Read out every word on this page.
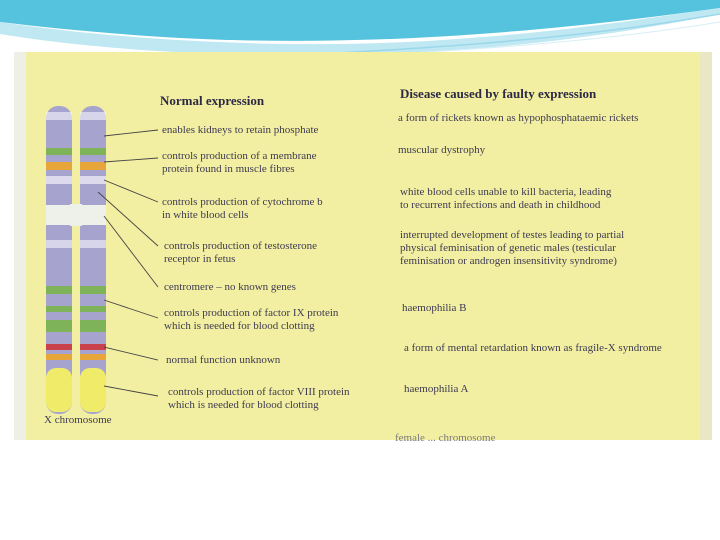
Normal expression	Disease caused by faulty expression
enables kidneys to retain phosphate
controls production of a membrane
protein found in muscle fibres
controls production of cytochrome b
in white blood cells
controls production of testosterone
receptor in fetus
centromere – no known genes
controls production of factor IX protein
which is needed for blood clotting
normal function unknown
controls production of factor VIII protein
which is needed for blood clotting
a form of rickets known as hypophosphataemic rickets
muscular dystrophy
white blood cells unable to kill bacteria, leading
to recurrent infections and death in childhood
interrupted development of testes leading to partial
physical feminisation of genetic males (testicular
feminisation or androgen insensitivity syndrome)
haemophilia B
a form of mental retardation known as fragile-X syndrome
haemophilia A
X chromosome
female ... chromosome
